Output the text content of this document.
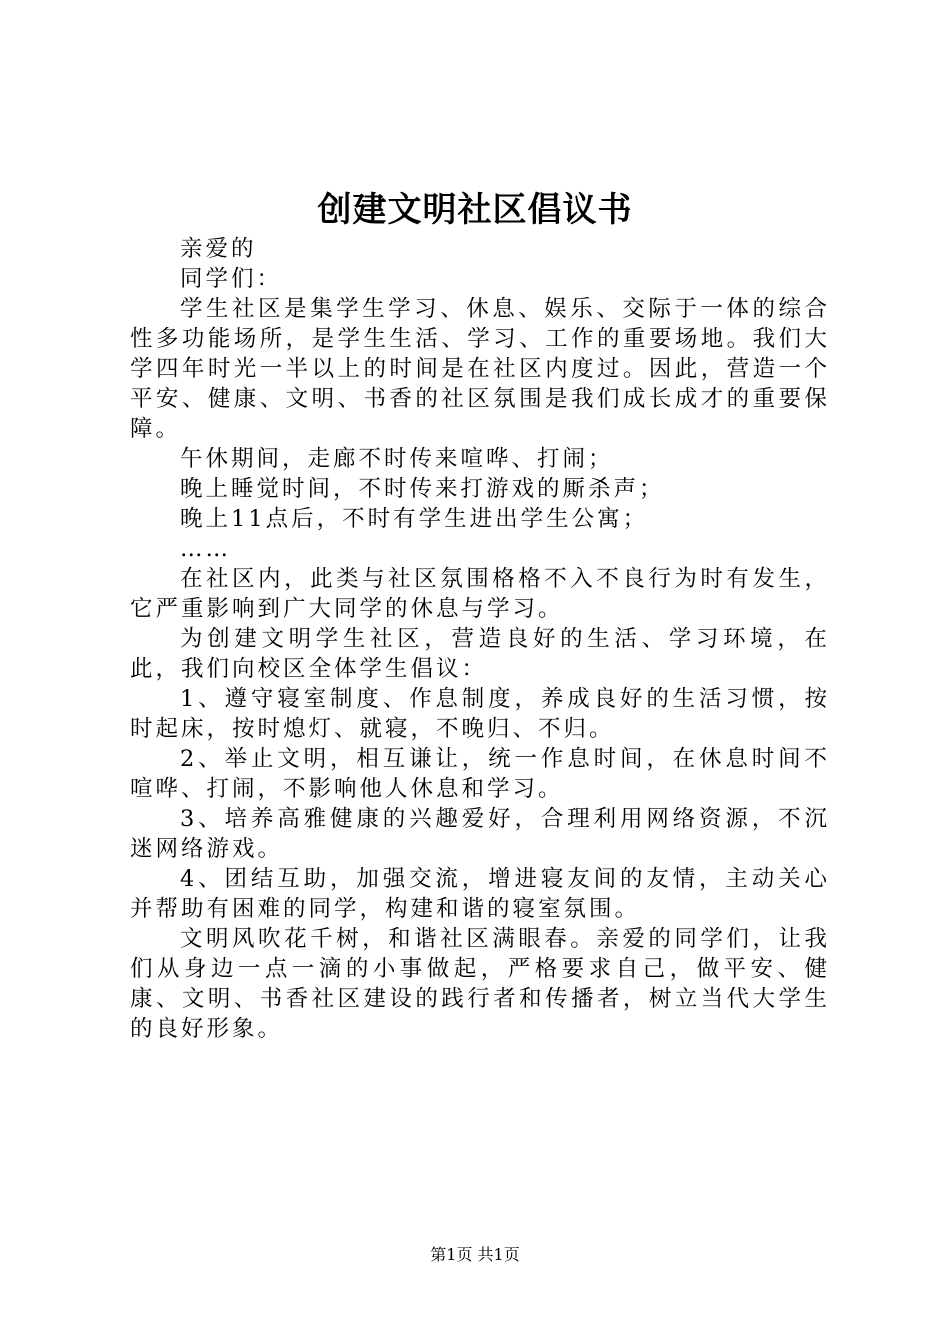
创建文明社区倡议书

亲爱的

同学们：

学生社区是集学生学习、休息、娱乐、交际于一体的综合性多功能场所，是学生生活、学习、工作的重要场地。我们大学四年时光一半以上的时间是在社区内度过。因此，营造一个平安、健康、文明、书香的社区氛围是我们成长成才的重要保障。

午休期间，走廊不时传来喧哗、打闹；

晚上睡觉时间，不时传来打游戏的厮杀声；

晚上11点后，不时有学生进出学生公寓；

……

在社区内，此类与社区氛围格格不入不良行为时有发生，它严重影响到广大同学的休息与学习。

为创建文明学生社区，营造良好的生活、学习环境，在此，我们向校区全体学生倡议：

1、遵守寝室制度、作息制度，养成良好的生活习惯，按时起床，按时熄灯、就寝，不晚归、不归。

2、举止文明，相互谦让，统一作息时间，在休息时间不喧哗、打闹，不影响他人休息和学习。

3、培养高雅健康的兴趣爱好，合理利用网络资源，不沉迷网络游戏。

4、团结互助，加强交流，增进寝友间的友情，主动关心并帮助有困难的同学，构建和谐的寝室氛围。

文明风吹花千树，和谐社区满眼春。亲爱的同学们，让我们从身边一点一滴的小事做起，严格要求自己，做平安、健康、文明、书香社区建设的践行者和传播者，树立当代大学生的良好形象。

第1页 共1页
